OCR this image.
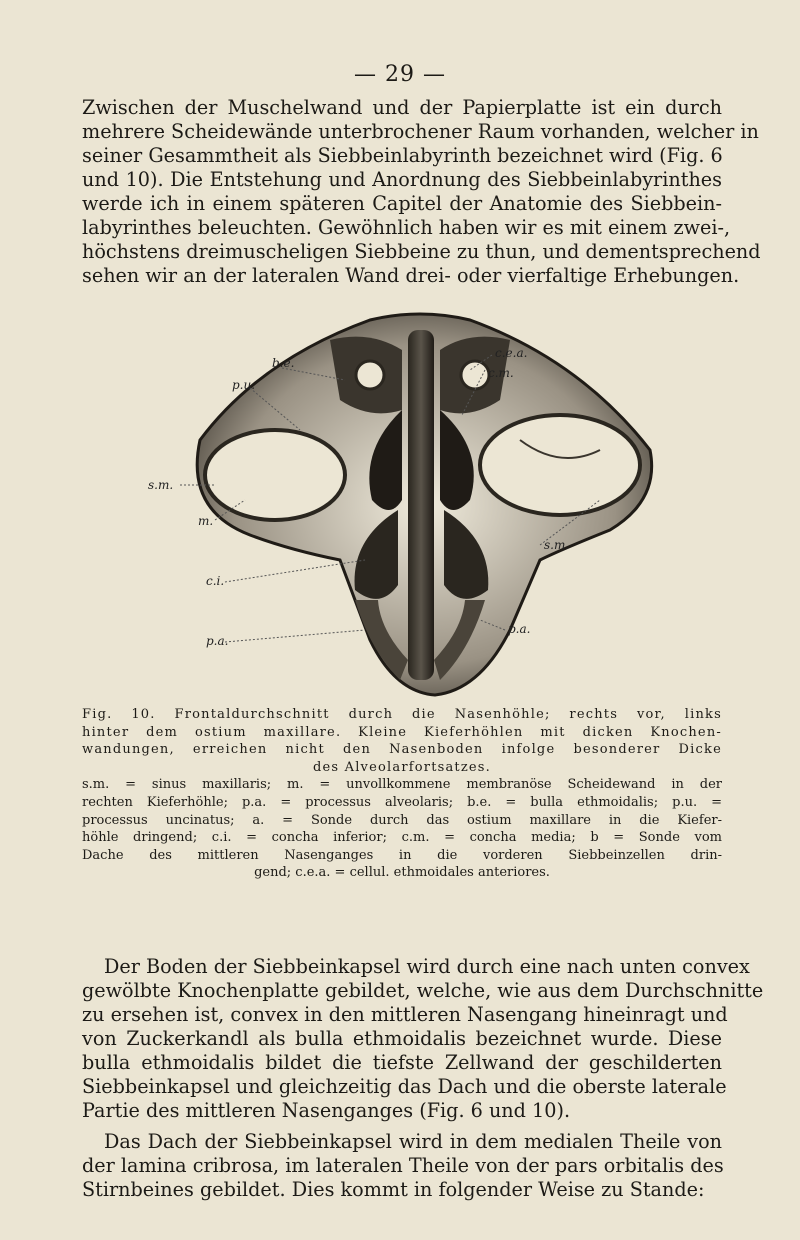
— 29 —

Zwischen der Muschelwand und der Papierplatte ist ein durch
mehrere Scheidewände unterbrochener Raum vorhanden, welcher in
seiner Gesammtheit als Siebbeinlabyrinth bezeichnet wird (Fig. 6
und 10). Die Entstehung und Anordnung des Siebbeinlabyrinthes
werde ich in einem späteren Capitel der Anatomie des Siebbein-
labyrinthes beleuchten. Gewöhnlich haben wir es mit einem zwei-,
höchstens dreimuscheligen Siebbeine zu thun, und dementsprechend
sehen wir an der lateralen Wand drei- oder vierfaltige Erhebungen.

b.e.
p.u.
c.e.a.
c.m.
s.m.
s.m.
m.
c.i.
p.a.
p.a.

Fig. 10. Frontaldurchschnitt durch die Nasenhöhle; rechts vor, links
hinter dem ostium maxillare. Kleine Kieferhöhlen mit dicken Knochen-
wandungen, erreichen nicht den Nasenboden infolge besonderer Dicke
des Alveolarfortsatzes.
s.m. = sinus maxillaris; m. = unvollkommene membranöse Scheidewand in der
rechten Kieferhöhle; p.a. = processus alveolaris; b.e. = bulla ethmoidalis; p.u. =
processus uncinatus; a. = Sonde durch das ostium maxillare in die Kiefer-
höhle dringend; c.i. = concha inferior; c.m. = concha media; b = Sonde vom
Dache des mittleren Nasenganges in die vorderen Siebbeinzellen drin-
gend; c.e.a. = cellul. ethmoidales anteriores.

Der Boden der Siebbeinkapsel wird durch eine nach unten convex
gewölbte Knochenplatte gebildet, welche, wie aus dem Durchschnitte
zu ersehen ist, convex in den mittleren Nasengang hineinragt und
von Zuckerkandl als bulla ethmoidalis bezeichnet wurde. Diese
bulla ethmoidalis bildet die tiefste Zellwand der geschilderten
Siebbeinkapsel und gleichzeitig das Dach und die oberste laterale
Partie des mittleren Nasenganges (Fig. 6 und 10).

Das Dach der Siebbeinkapsel wird in dem medialen Theile von
der lamina cribrosa, im lateralen Theile von der pars orbitalis des
Stirnbeines gebildet. Dies kommt in folgender Weise zu Stande:
